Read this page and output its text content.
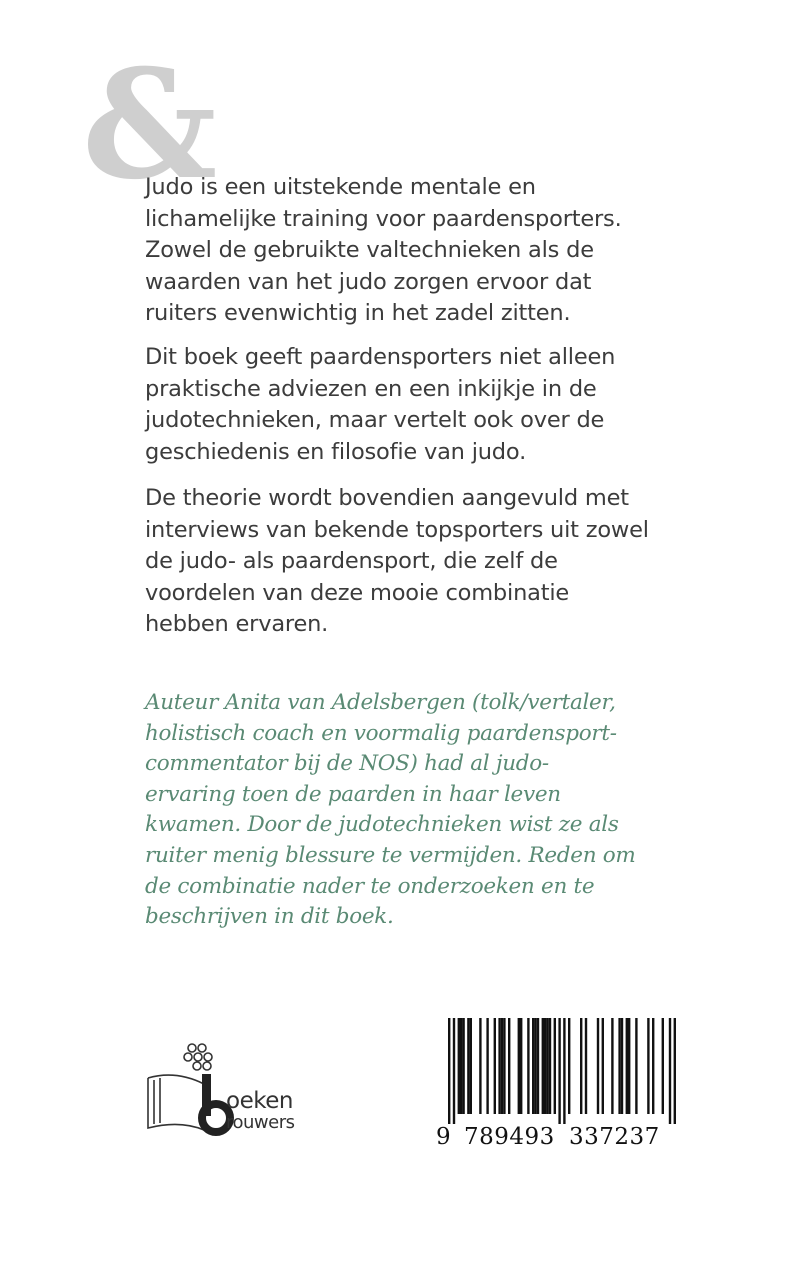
&
Judo is een uitstekende mentale en
lichamelijke training voor paardensporters.
Zowel de gebruikte valtechnieken als de
waarden van het judo zorgen ervoor dat
ruiters evenwichtig in het zadel zitten.
Dit boek geeft paardensporters niet alleen
praktische adviezen en een inkijkje in de
judotechnieken, maar vertelt ook over de
geschiedenis en filosofie van judo.
De theorie wordt bovendien aangevuld met
interviews van bekende topsporters uit zowel
de judo- als paardensport, die zelf de
voordelen van deze mooie combinatie
hebben ervaren.
Auteur Anita van Adelsbergen (tolk/vertaler,
holistisch coach en voormalig paardensport-
commentator bij de NOS) had al judo-
ervaring toen de paarden in haar leven
kwamen. Door de judotechnieken wist ze als
ruiter menig blessure te vermijden. Reden om
de combinatie nader te onderzoeken en te
beschrijven in dit boek.
oeken
rouwers
9 789493 337237
